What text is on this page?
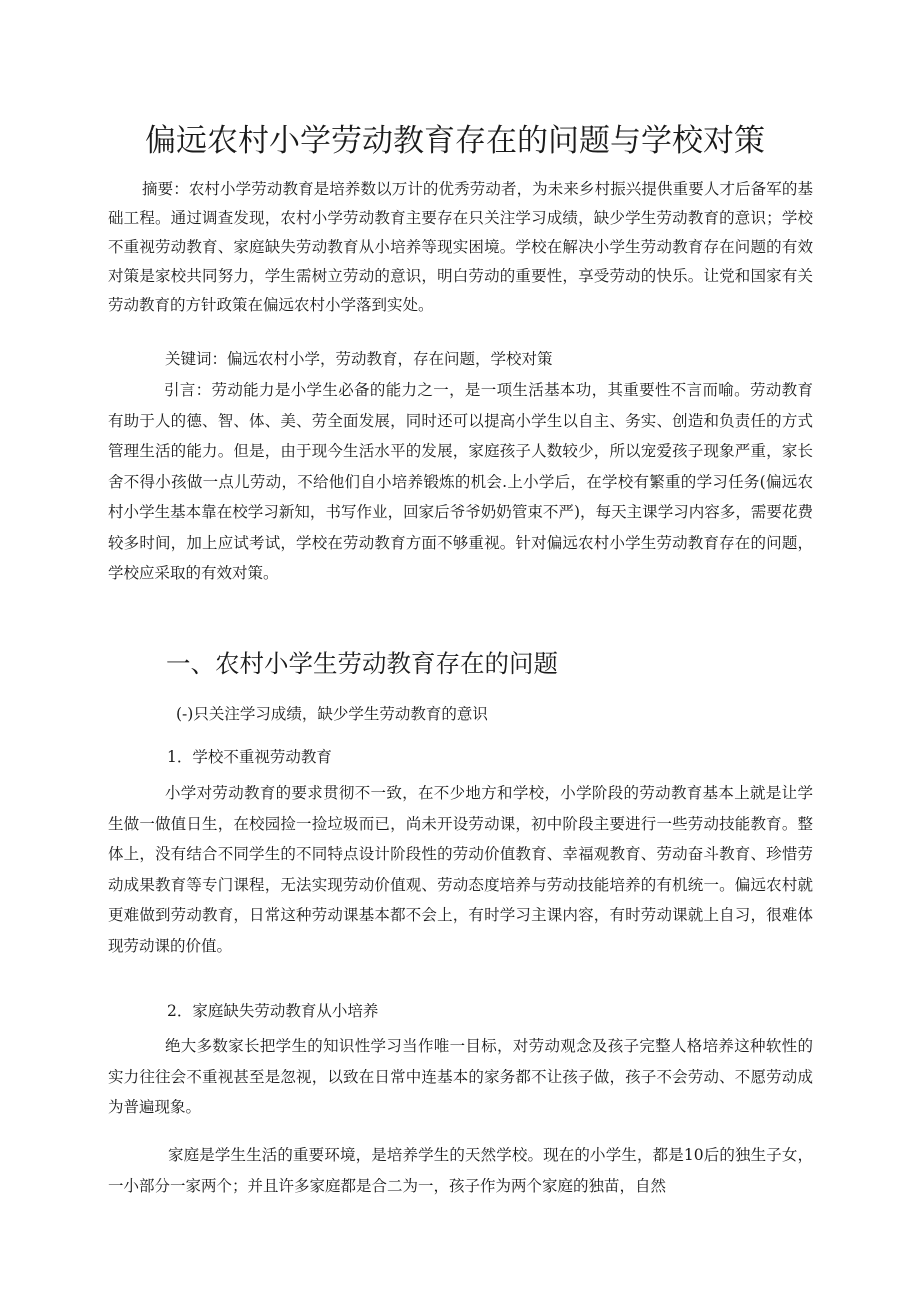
偏远农村小学劳动教育存在的问题与学校对策

摘要：农村小学劳动教育是培养数以万计的优秀劳动者，为未来乡村振兴提供重要人才后备军的基础工程。通过调查发现，农村小学劳动教育主要存在只关注学习成绩，缺少学生劳动教育的意识；学校不重视劳动教育、家庭缺失劳动教育从小培养等现实困境。学校在解决小学生劳动教育存在问题的有效对策是家校共同努力，学生需树立劳动的意识，明白劳动的重要性，享受劳动的快乐。让党和国家有关劳动教育的方针政策在偏远农村小学落到实处。

关键词：偏远农村小学，劳动教育，存在问题，学校对策

引言：劳动能力是小学生必备的能力之一，是一项生活基本功，其重要性不言而喻。劳动教育有助于人的德、智、体、美、劳全面发展，同时还可以提高小学生以自主、务实、创造和负责任的方式管理生活的能力。但是，由于现今生活水平的发展，家庭孩子人数较少，所以宠爱孩子现象严重，家长舍不得小孩做一点儿劳动，不给他们自小培养锻炼的机会.上小学后，在学校有繁重的学习任务(偏远农村小学生基本靠在校学习新知，书写作业，回家后爷爷奶奶管束不严)，每天主课学习内容多，需要花费较多时间，加上应试考试，学校在劳动教育方面不够重视。针对偏远农村小学生劳动教育存在的问题，学校应采取的有效对策。

一、农村小学生劳动教育存在的问题

(-)只关注学习成绩，缺少学生劳动教育的意识

1．学校不重视劳动教育

小学对劳动教育的要求贯彻不一致，在不少地方和学校，小学阶段的劳动教育基本上就是让学生做一做值日生，在校园捡一捡垃圾而已，尚未开设劳动课，初中阶段主要进行一些劳动技能教育。整体上，没有结合不同学生的不同特点设计阶段性的劳动价值教育、幸福观教育、劳动奋斗教育、珍惜劳动成果教育等专门课程，无法实现劳动价值观、劳动态度培养与劳动技能培养的有机统一。偏远农村就更难做到劳动教育，日常这种劳动课基本都不会上，有时学习主课内容，有时劳动课就上自习，很难体现劳动课的价值。

2．家庭缺失劳动教育从小培养

绝大多数家长把学生的知识性学习当作唯一目标，对劳动观念及孩子完整人格培养这种软性的实力往往会不重视甚至是忽视，以致在日常中连基本的家务都不让孩子做，孩子不会劳动、不愿劳动成为普遍现象。

家庭是学生生活的重要环境，是培养学生的天然学校。现在的小学生，都是10后的独生子女，一小部分一家两个；并且许多家庭都是合二为一，孩子作为两个家庭的独苗，自然
